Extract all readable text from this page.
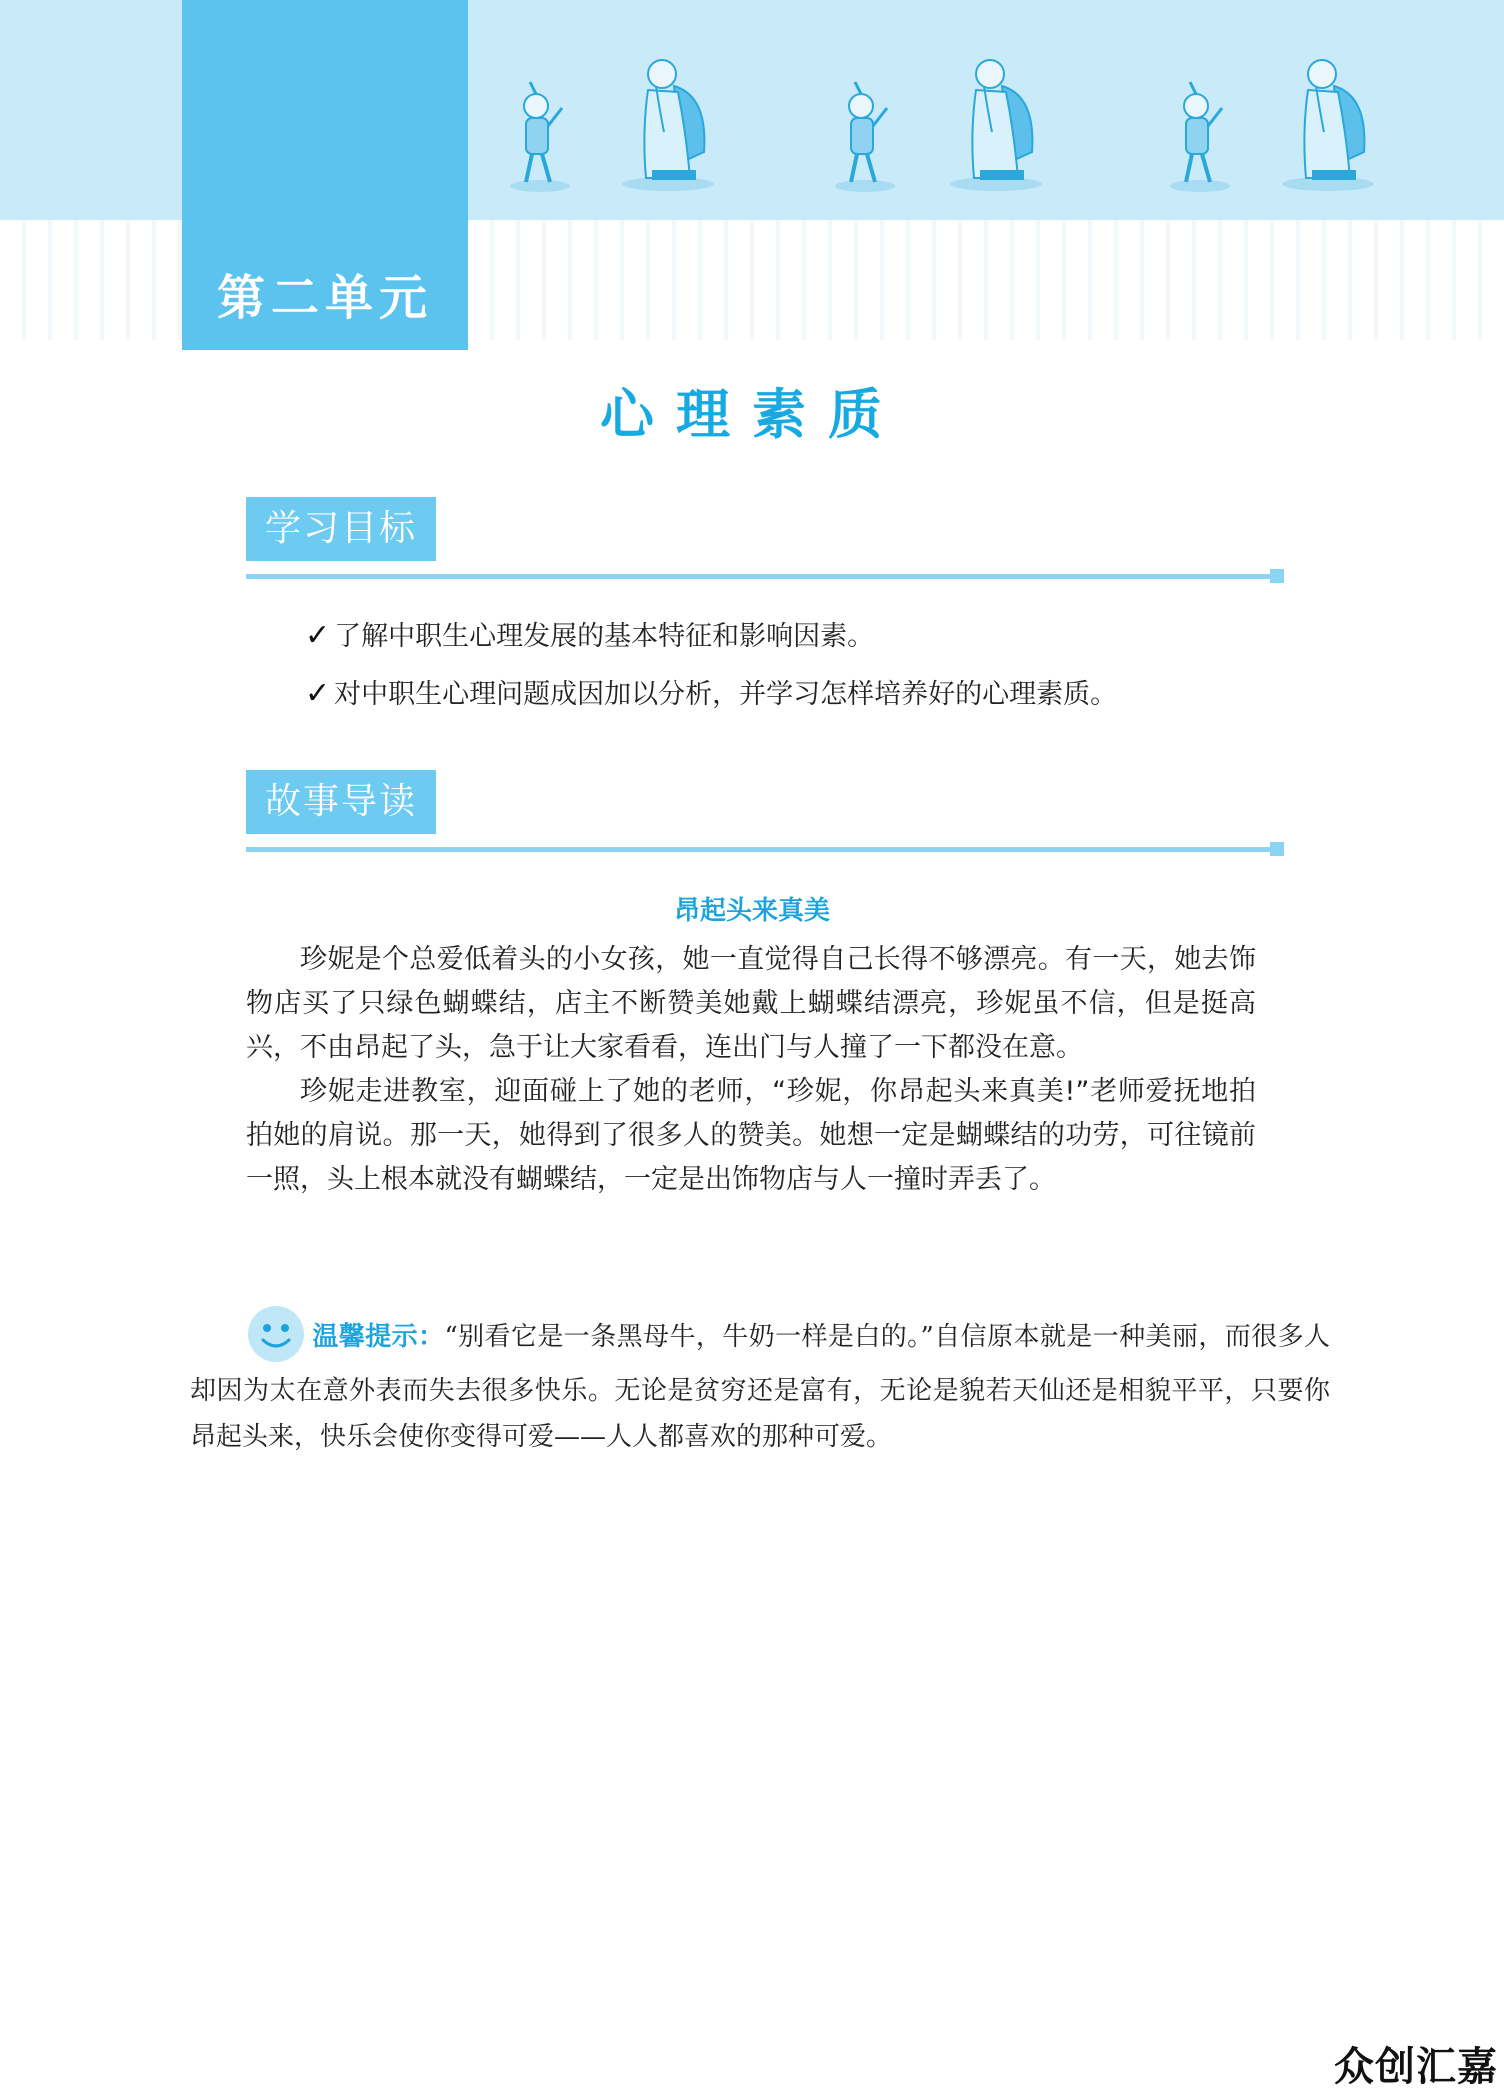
第二单元
心理素质
学习目标
✓ 了解中职生心理发展的基本特征和影响因素。
✓ 对中职生心理问题成因加以分析，并学习怎样培养好的心理素质。
故事导读
昂起头来真美

珍妮是个总爱低着头的小女孩，她一直觉得自己长得不够漂亮。有一天，她去饰物店买了只绿色蝴蝶结，店主不断赞美她戴上蝴蝶结漂亮，珍妮虽不信，但是挺高兴，不由昂起了头，急于让大家看看，连出门与人撞了一下都没在意。

珍妮走进教室，迎面碰上了她的老师，“珍妮，你昂起头来真美!”老师爱抚地拍拍她的肩说。那一天，她得到了很多人的赞美。她想一定是蝴蝶结的功劳，可往镜前一照，头上根本就没有蝴蝶结，一定是出饰物店与人一撞时弄丢了。

温馨提示：“别看它是一条黑母牛，牛奶一样是白的。”自信原本就是一种美丽，而很多人却因为太在意外表而失去很多快乐。无论是贫穷还是富有，无论是貌若天仙还是相貌平平，只要你昂起头来，快乐会使你变得可爱——人人都喜欢的那种可爱。
众创汇嘉
